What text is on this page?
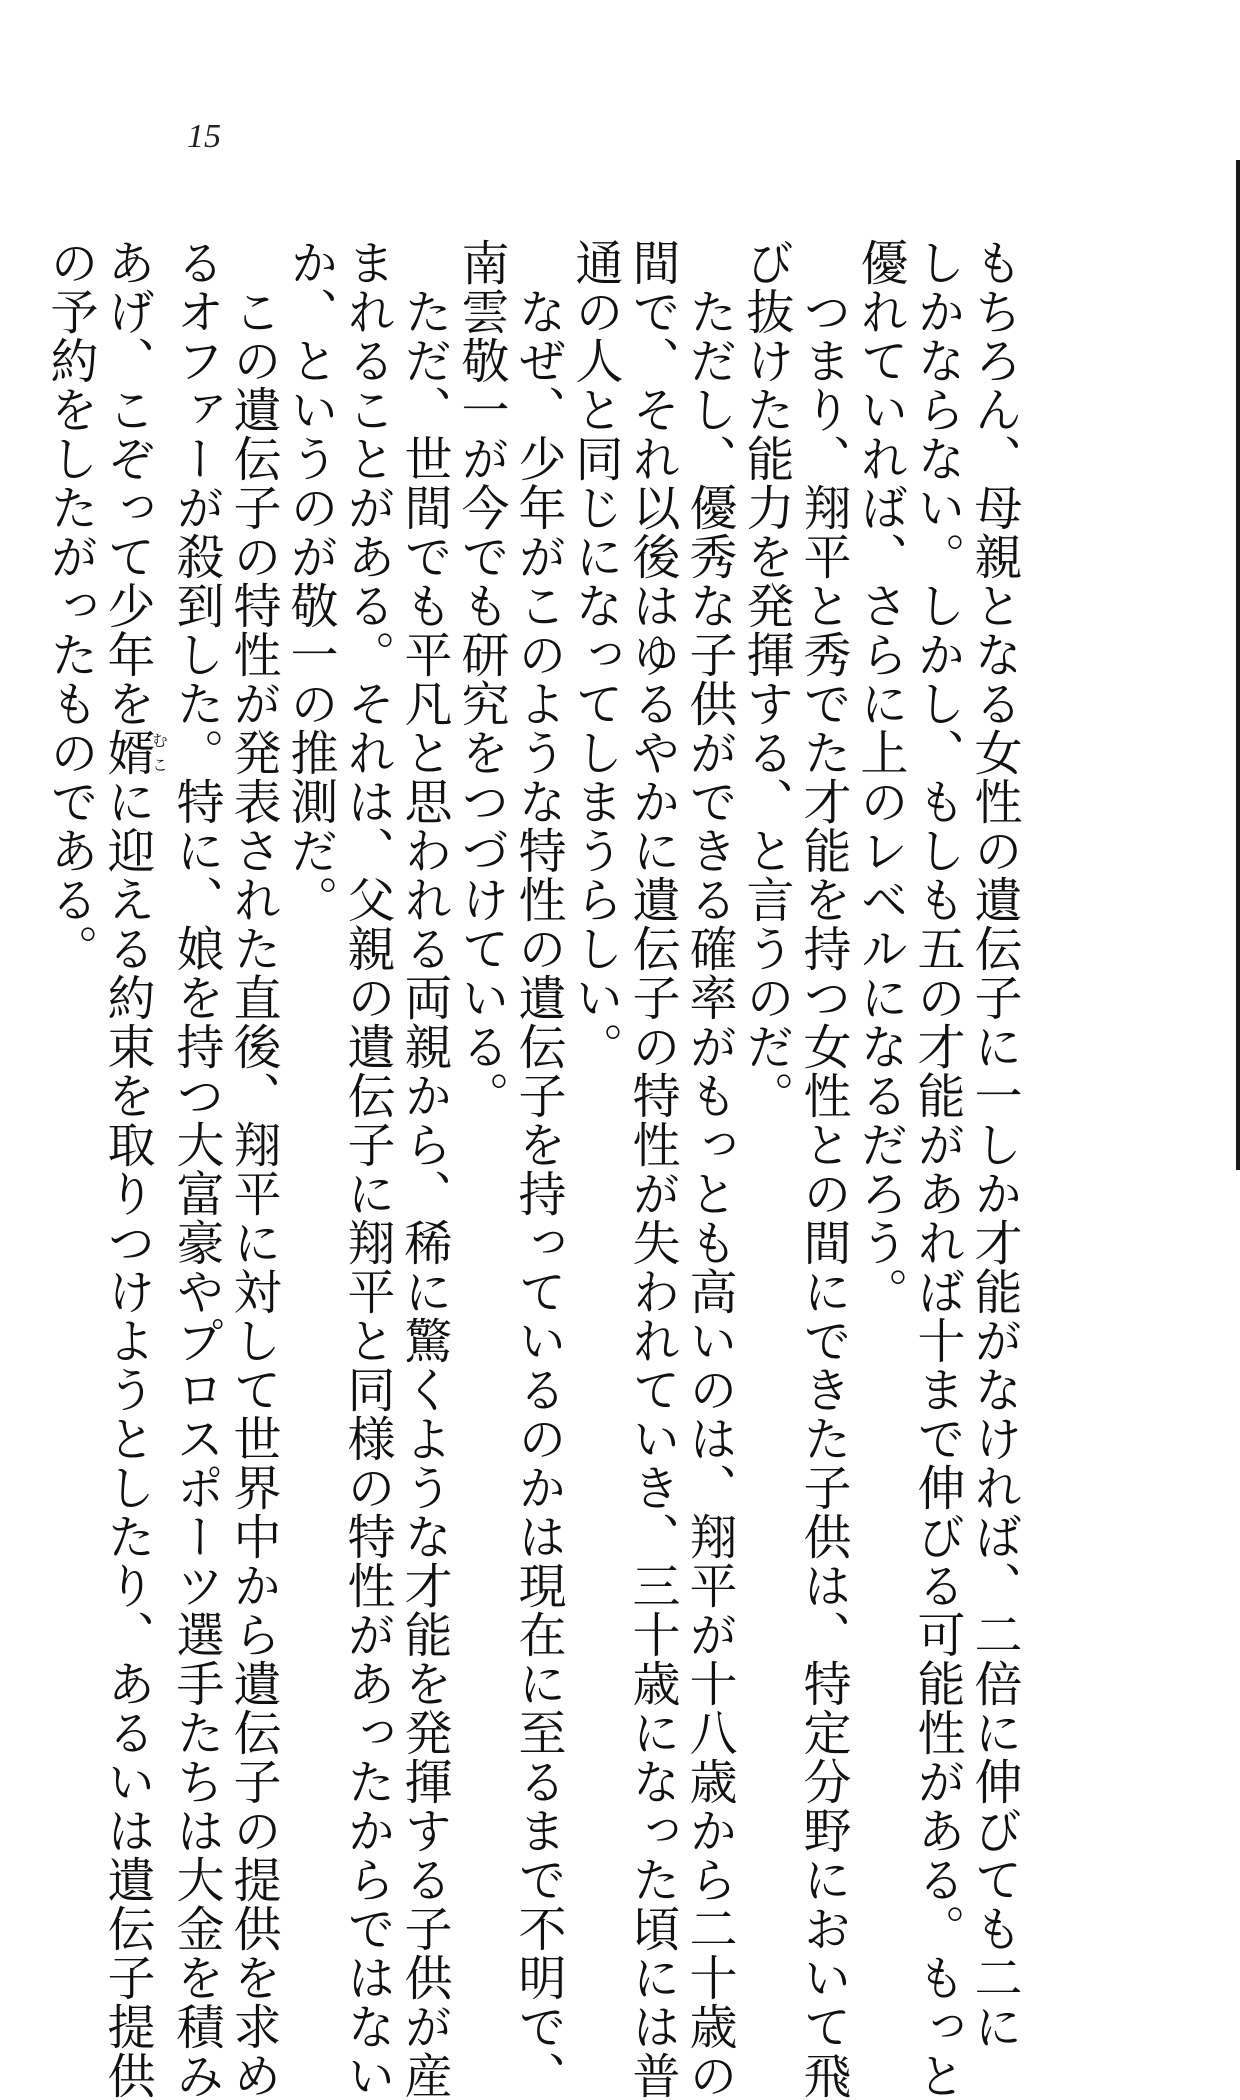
15
もちろん、母親となる女性の遺伝子に一しか才能がなければ、二倍に伸びても二に
しかならない。しかし、もしも五の才能があれば十まで伸びる可能性がある。もっと
優れていれば、さらに上のレベルになるだろう。
　つまり、翔平と秀でた才能を持つ女性との間にできた子供は、特定分野において飛
び抜けた能力を発揮する、と言うのだ。
　ただし、優秀な子供ができる確率がもっとも高いのは、翔平が十八歳から二十歳の
間で、それ以後はゆるやかに遺伝子の特性が失われていき、三十歳になった頃には普
通の人と同じになってしまうらしい。
　なぜ、少年がこのような特性の遺伝子を持っているのかは現在に至るまで不明で、
南雲敬一が今でも研究をつづけている。
　ただ、世間でも平凡と思われる両親から、稀に驚くような才能を発揮する子供が産
まれることがある。それは、父親の遺伝子に翔平と同様の特性があったからではない
か、というのが敬一の推測だ。
　この遺伝子の特性が発表された直後、翔平に対して世界中から遺伝子の提供を求め
るオファーが殺到した。特に、娘を持つ大富豪やプロスポーツ選手たちは大金を積み
あげ、こぞって少年を婿むこに迎える約束を取りつけようとしたり、あるいは遺伝子提供
の予約をしたがったものである。
